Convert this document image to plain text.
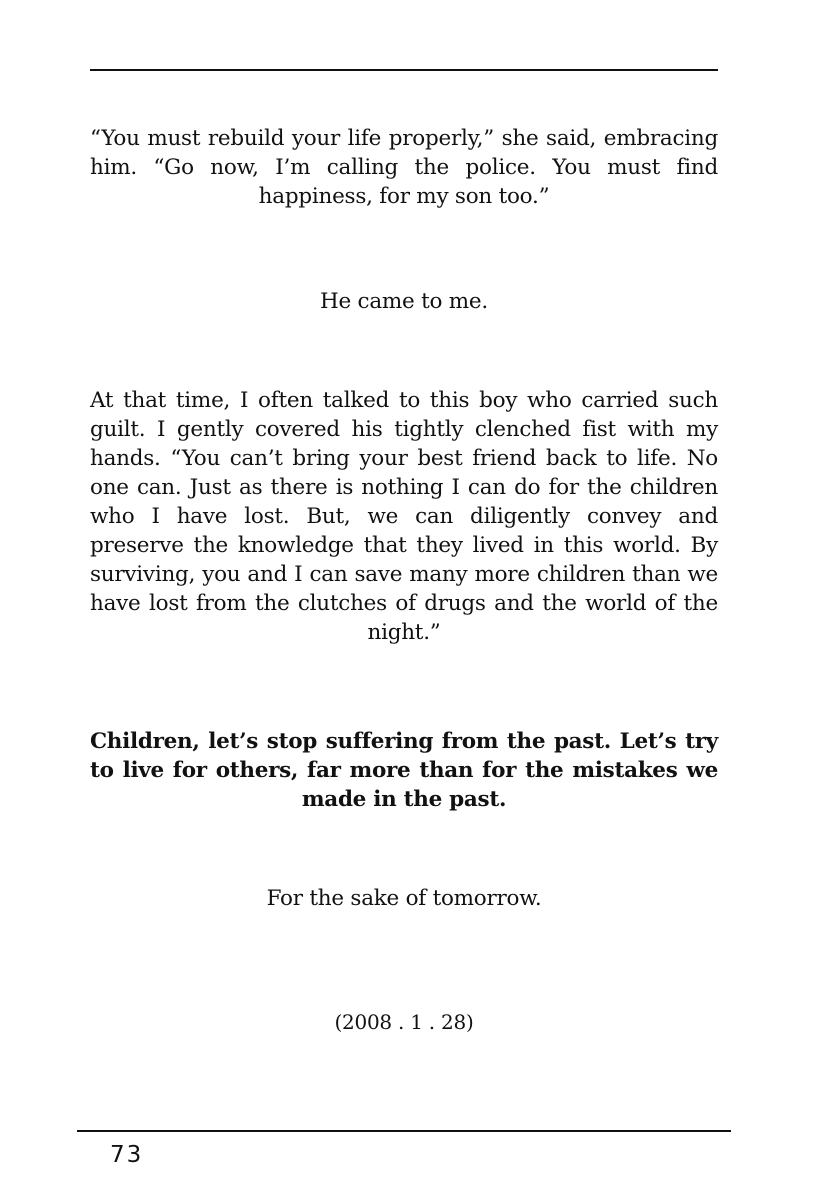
“You must rebuild your life properly,” she said, embracing him. “Go now, I’m calling the police. You must find happiness, for my son too.”

He came to me.

At that time, I often talked to this boy who carried such guilt. I gently covered his tightly clenched fist with my hands. “You can’t bring your best friend back to life. No one can. Just as there is nothing I can do for the children who I have lost. But, we can diligently convey and preserve the knowledge that they lived in this world. By surviving, you and I can save many more children than we have lost from the clutches of drugs and the world of the night.”

Children, let’s stop suffering from the past. Let’s try to live for others, far more than for the mistakes we made in the past.

For the sake of tomorrow.

(2008 . 1 . 28)

73
